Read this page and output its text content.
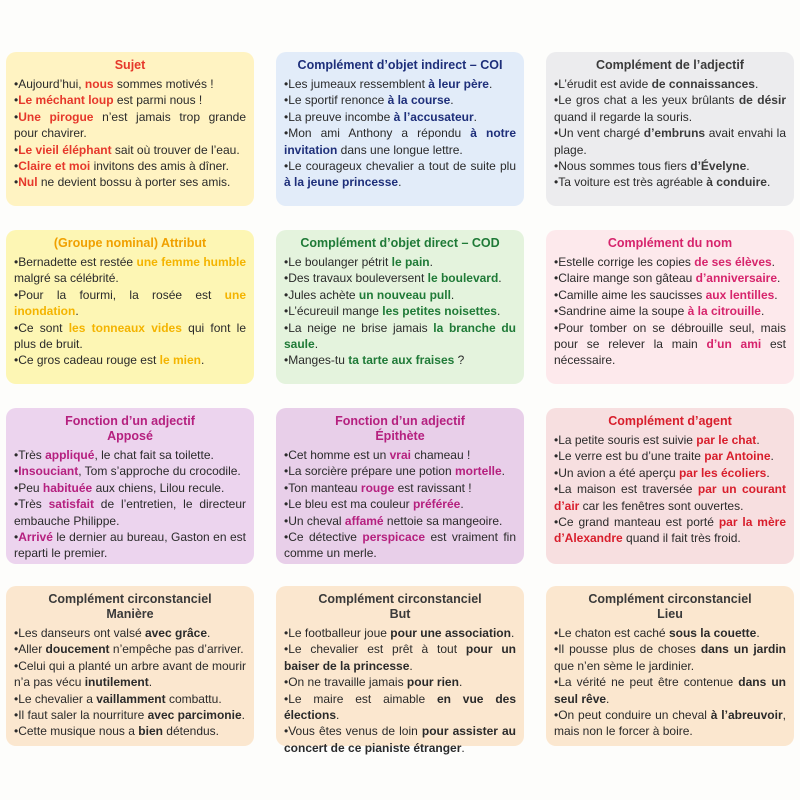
Sujet
•Aujourd’hui, nous sommes motivés !
•Le méchant loup est parmi nous !
•Une pirogue n’est jamais trop grande pour chavirer.
•Le vieil éléphant sait où trouver de l’eau.
•Claire et moi invitons des amis à dîner.
•Nul ne devient bossu à porter ses amis.
Complément d’objet indirect – COI
•Les jumeaux ressemblent à leur père.
•Le sportif renonce à la course.
•La preuve incombe à l’accusateur.
•Mon ami Anthony a répondu à notre invitation dans une longue lettre.
•Le courageux chevalier a tout de suite plu à la jeune princesse.
Complément de l’adjectif
•L’érudit est avide de connaissances.
•Le gros chat a les yeux brûlants de désir quand il regarde la souris.
•Un vent chargé d’embruns avait envahi la plage.
•Nous sommes tous fiers d’Évelyne.
•Ta voiture est très agréable à conduire.
(Groupe nominal) Attribut
•Bernadette est restée une femme humble malgré sa célébrité.
•Pour la fourmi, la rosée est une inondation.
•Ce sont les tonneaux vides qui font le plus de bruit.
•Ce gros cadeau rouge est le mien.
Complément d’objet direct – COD
•Le boulanger pétrit le pain.
•Des travaux bouleversent le boulevard.
•Jules achète un nouveau pull.
•L’écureuil mange les petites noisettes.
•La neige ne brise jamais la branche du saule.
•Manges-tu ta tarte aux fraises ?
Complément du nom
•Estelle corrige les copies de ses élèves.
•Claire mange son gâteau d’anniversaire.
•Camille aime les saucisses aux lentilles.
•Sandrine aime la soupe à la citrouille.
•Pour tomber on se débrouille seul, mais pour se relever la main d’un ami est nécessaire.
Fonction d’un adjectif
Apposé
•Très appliqué, le chat fait sa toilette.
•Insouciant, Tom s’approche du crocodile.
•Peu habituée aux chiens, Lilou recule.
•Très satisfait de l’entretien, le directeur embauche Philippe.
•Arrivé le dernier au bureau, Gaston en est reparti le premier.
Fonction d’un adjectif
Épithète
•Cet homme est un vrai chameau !
•La sorcière prépare une potion mortelle.
•Ton manteau rouge est ravissant !
•Le bleu est ma couleur préférée.
•Un cheval affamé nettoie sa mangeoire.
•Ce détective perspicace est vraiment fin comme un merle.
Complément d’agent
•La petite souris est suivie par le chat.
•Le verre est bu d’une traite par Antoine.
•Un avion a été aperçu par les écoliers.
•La maison est traversée par un courant d’air car les fenêtres sont ouvertes.
•Ce grand manteau est porté par la mère d’Alexandre quand il fait très froid.
Complément circonstanciel
Manière
•Les danseurs ont valsé avec grâce.
•Aller doucement n’empêche pas d’arriver.
•Celui qui a planté un arbre avant de mourir n’a pas vécu inutilement.
•Le chevalier a vaillamment combattu.
•Il faut saler la nourriture avec parcimonie.
•Cette musique nous a bien détendus.
Complément circonstanciel
But
•Le footballeur joue pour une association.
•Le chevalier est prêt à tout pour un baiser de la princesse.
•On ne travaille jamais pour rien.
•Le maire est aimable en vue des élections.
•Vous êtes venus de loin pour assister au concert de ce pianiste étranger.
Complément circonstanciel
Lieu
•Le chaton est caché sous la couette.
•Il pousse plus de choses dans un jardin que n’en sème le jardinier.
•La vérité ne peut être contenue dans un seul rêve.
•On peut conduire un cheval à l’abreuvoir, mais non le forcer à boire.
